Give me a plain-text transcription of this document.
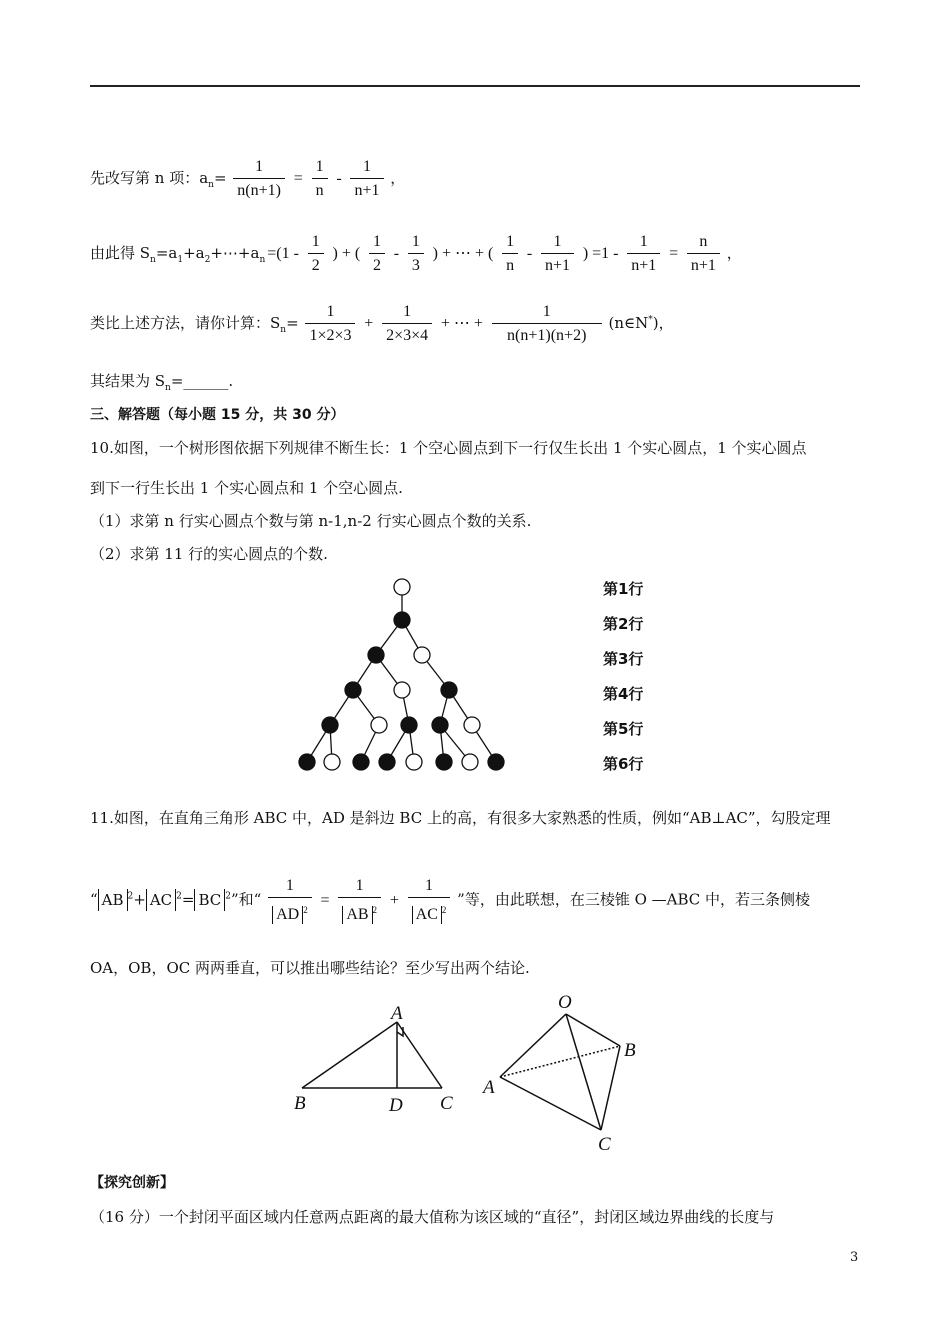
先改写第 n 项：$a_n= \frac{1}{n(n+1)} = \frac{1}{n} - \frac{1}{n+1}$ ，
由此得 $S_n=a_1+a_2+\cdots+a_n =(1 - \frac{1}{2}$ ) + ( $\frac{1}{2} - \frac{1}{3}$ ) + ⋯ + ( $\frac{1}{n} - \frac{1}{n+1}$ ) $=1 - \frac{1}{n+1} = \frac{n}{n+1}$ ，
类比上述方法，请你计算：$S_n= \frac{1}{1\times 2\times 3} + \frac{1}{2\times 3\times 4}$ + ⋯ + $\frac{1}{n(n+1)(n+2)}$ (n∈N*)，
其结果为 $S_n=\_\_\_\_\_\_$.
三、解答题（每小题 15 分，共 30 分）
10.如图，一个树形图依据下列规律不断生长：1 个空心圆点到下一行仅生长出 1 个实心圆点，1 个实心圆点
到下一行生长出 1 个实心圆点和 1 个空心圆点.
（1）求第 n 行实心圆点个数与第 n-1,n-2 行实心圆点个数的关系.
（2）求第 11 行的实心圆点的个数.
第1行
第2行
第3行
第4行
第5行
第6行
11.如图，在直角三角形 ABC 中，AD 是斜边 BC 上的高，有很多大家熟悉的性质，例如“AB⊥AC”，勾股定理
“ AB $^2$+ AC $^2$= BC $^2$”和“ $\frac{1}{AD ^2} = \frac{1}{AB ^2} + \frac{1}{AC ^2}$ ”等，由此联想，在三棱锥 O —ABC 中，若三条侧棱
OA，OB，OC 两两垂直，可以推出哪些结论？至少写出两个结论.
A
B	D C
O
A
B
C
【探究创新】
（16 分）一个封闭平面区域内任意两点距离的最大值称为该区域的“直径”，封闭区域边界曲线的长度与
3
